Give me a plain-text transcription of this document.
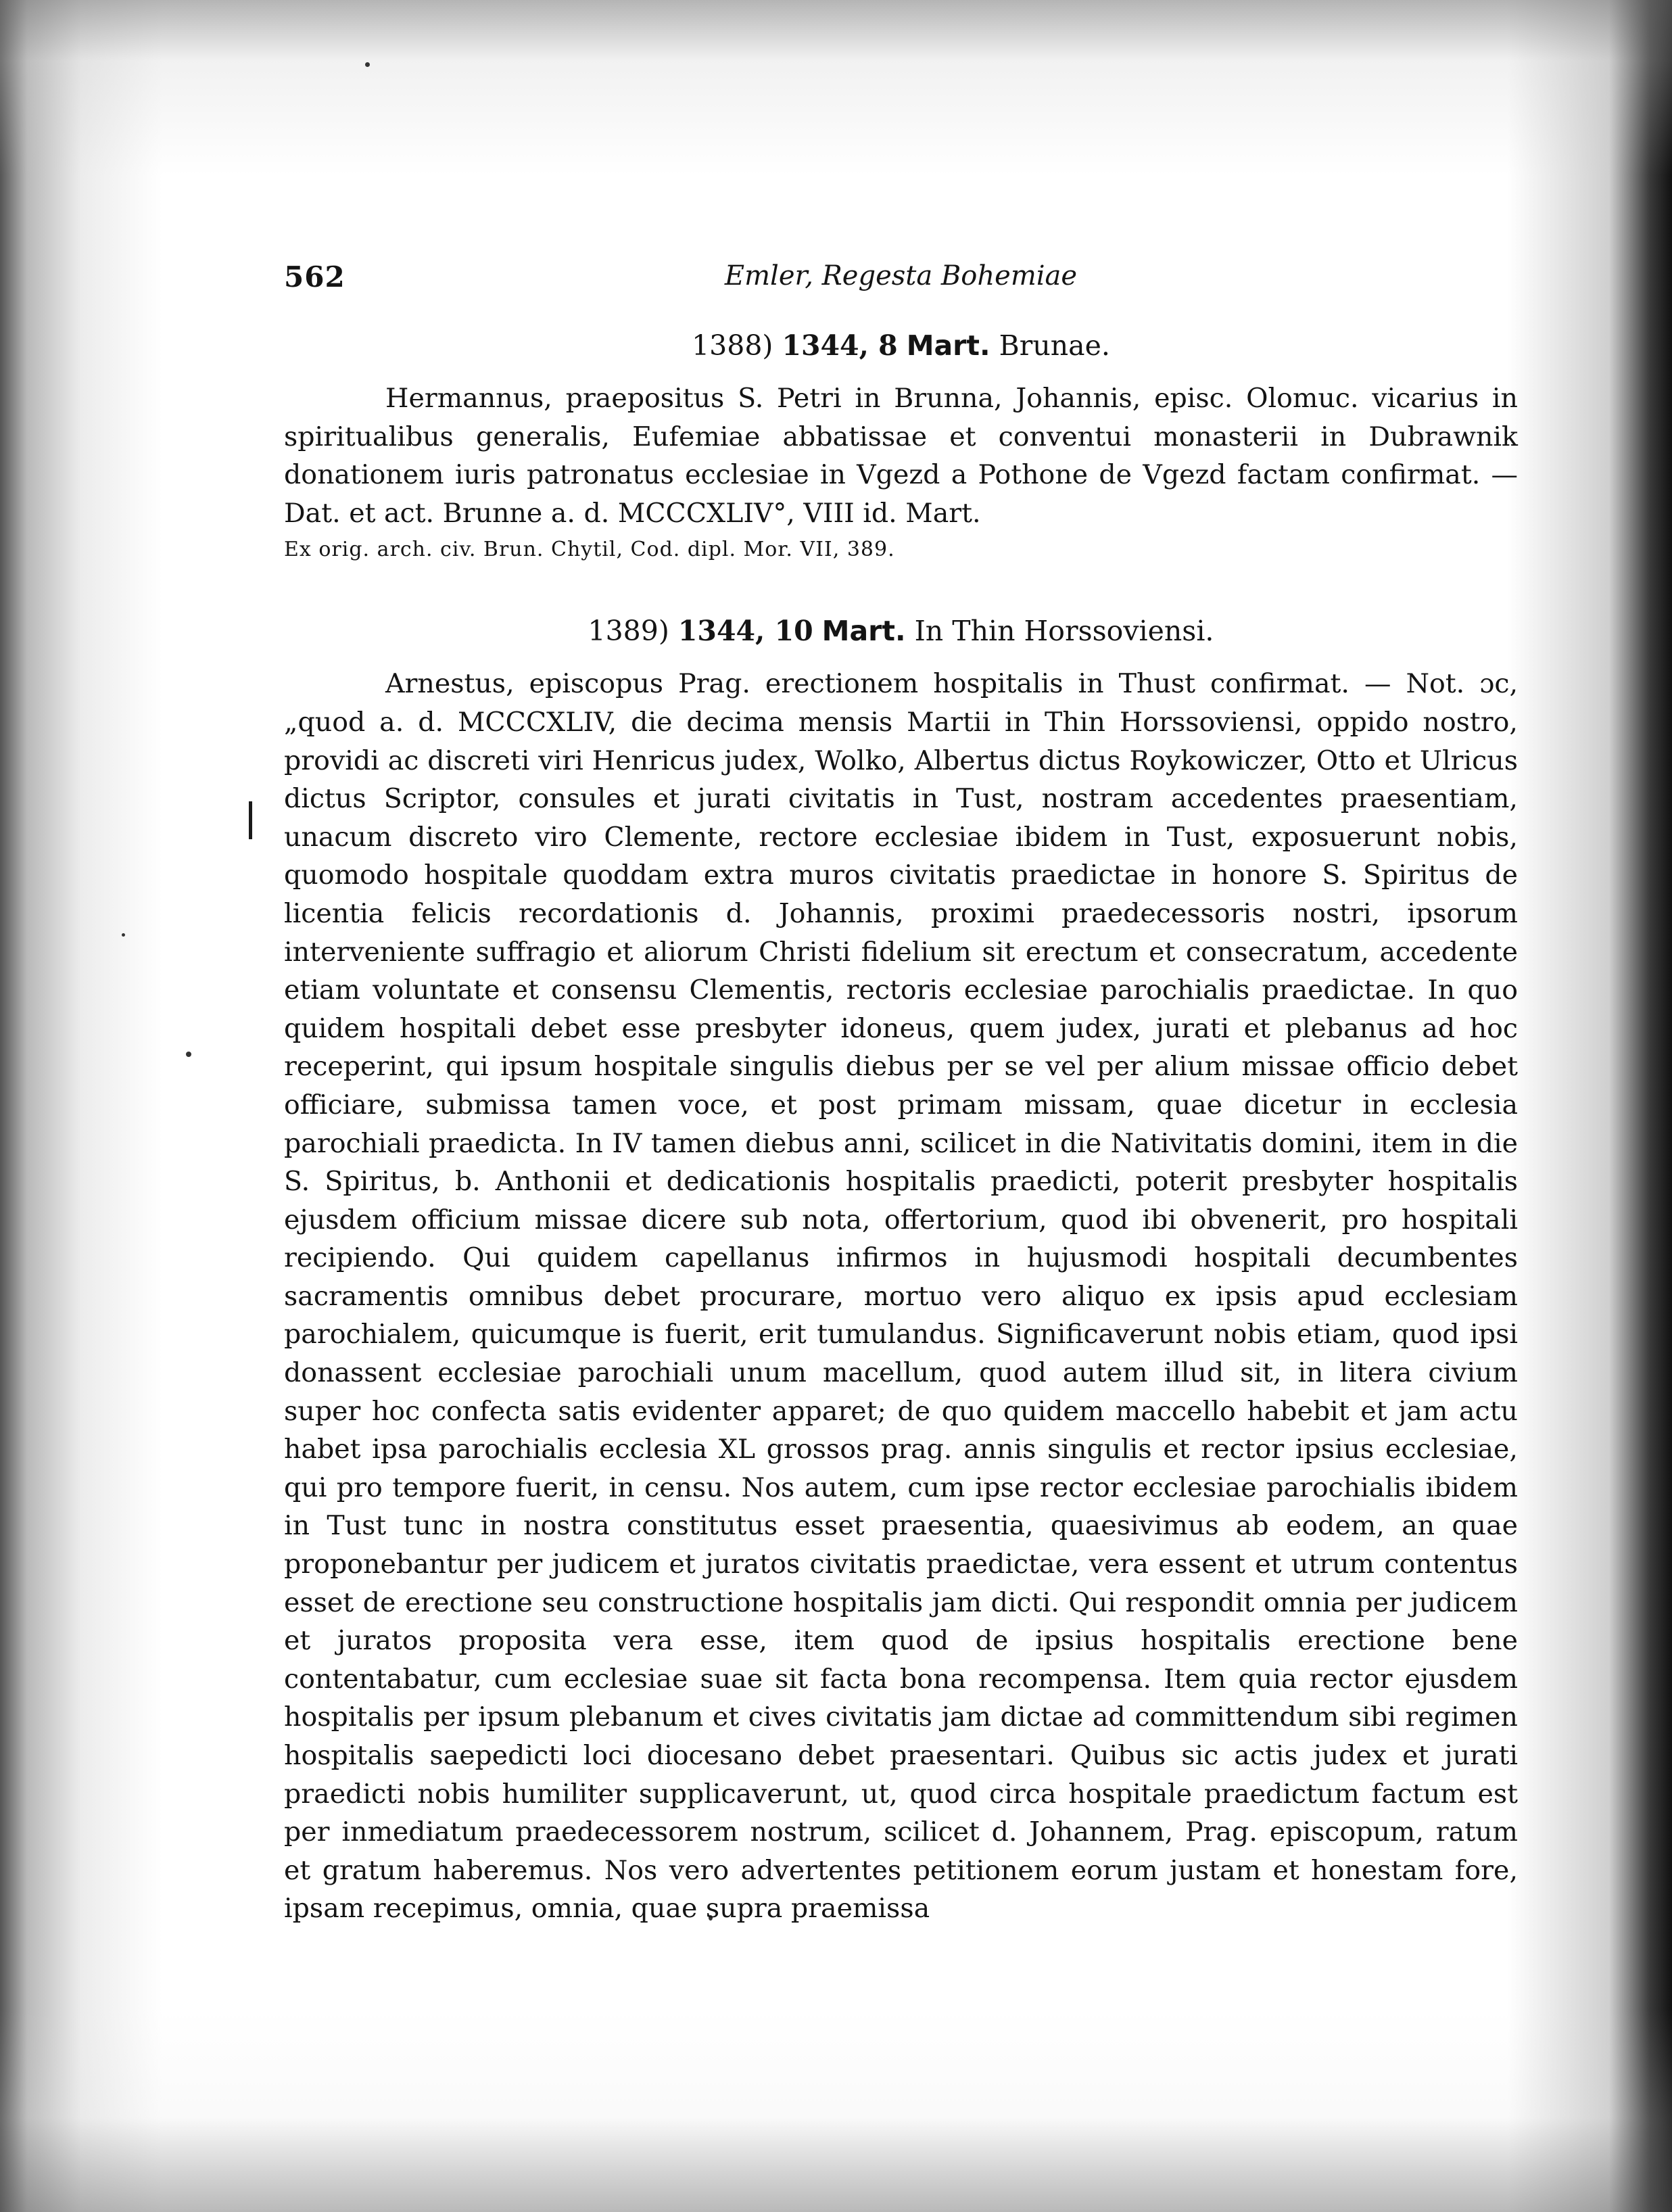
562	Emler, Regesta Bohemiae
1388) 1344, 8 Mart. Brunae.

Hermannus, praepositus S. Petri in Brunna, Johannis, episc. Olomuc. vicarius in spiritualibus generalis, Eufemiae abbatissae et conventui monasterii in Dubrawnik donationem iuris patronatus ecclesiae in Vgezd a Pothone de Vgezd factam confirmat. — Dat. et act. Brunne a. d. MCCCXLIV°, VIII id. Mart.

Ex orig. arch. civ. Brun. Chytil, Cod. dipl. Mor. VII, 389.
1389) 1344, 10 Mart. In Thin Horssoviensi.

Arnestus, episcopus Prag. erectionem hospitalis in Thust confirmat. — Not. ɔc, „quod a. d. MCCCXLIV, die decima mensis Martii in Thin Horssoviensi, oppido nostro, providi ac discreti viri Henricus judex, Wolko, Albertus dictus Roykowiczer, Otto et Ulricus dictus Scriptor, consules et jurati civitatis in Tust, nostram accedentes praesentiam, unacum discreto viro Clemente, rectore ecclesiae ibidem in Tust, exposuerunt nobis, quomodo hospitale quoddam extra muros civitatis praedictae in honore S. Spiritus de licentia felicis recordationis d. Johannis, proximi praedecessoris nostri, ipsorum interveniente suffragio et aliorum Christi fidelium sit erectum et consecratum, accedente etiam voluntate et consensu Clementis, rectoris ecclesiae parochialis praedictae. In quo quidem hospitali debet esse presbyter idoneus, quem judex, jurati et plebanus ad hoc receperint, qui ipsum hospitale singulis diebus per se vel per alium missae officio debet officiare, submissa tamen voce, et post primam missam, quae dicetur in ecclesia parochiali praedicta. In IV tamen diebus anni, scilicet in die Nativitatis domini, item in die S. Spiritus, b. Anthonii et dedicationis hospitalis praedicti, poterit presbyter hospitalis ejusdem officium missae dicere sub nota, offertorium, quod ibi obvenerit, pro hospitali recipiendo. Qui quidem capellanus infirmos in hujusmodi hospitali decumbentes sacramentis omnibus debet procurare, mortuo vero aliquo ex ipsis apud ecclesiam parochialem, quicumque is fuerit, erit tumulandus. Significaverunt nobis etiam, quod ipsi donassent ecclesiae parochiali unum macellum, quod autem illud sit, in litera civium super hoc confecta satis evidenter apparet; de quo quidem maccello habebit et jam actu habet ipsa parochialis ecclesia XL grossos prag. annis singulis et rector ipsius ecclesiae, qui pro tempore fuerit, in censu. Nos autem, cum ipse rector ecclesiae parochialis ibidem in Tust tunc in nostra constitutus esset praesentia, quaesivimus ab eodem, an quae proponebantur per judicem et juratos civitatis praedictae, vera essent et utrum contentus esset de erectione seu constructione hospitalis jam dicti. Qui respondit omnia per judicem et juratos proposita vera esse, item quod de ipsius hospitalis erectione bene contentabatur, cum ecclesiae suae sit facta bona recompensa. Item quia rector ejusdem hospitalis per ipsum plebanum et cives civitatis jam dictae ad committendum sibi regimen hospitalis saepedicti loci diocesano debet praesentari. Quibus sic actis judex et jurati praedicti nobis humiliter supplicaverunt, ut, quod circa hospitale praedictum factum est per inmediatum praedecessorem nostrum, scilicet d. Johannem, Prag. episcopum, ratum et gratum haberemus. Nos vero advertentes petitionem eorum justam et honestam fore, ipsam recepimus, omnia, quae supra praemissa
